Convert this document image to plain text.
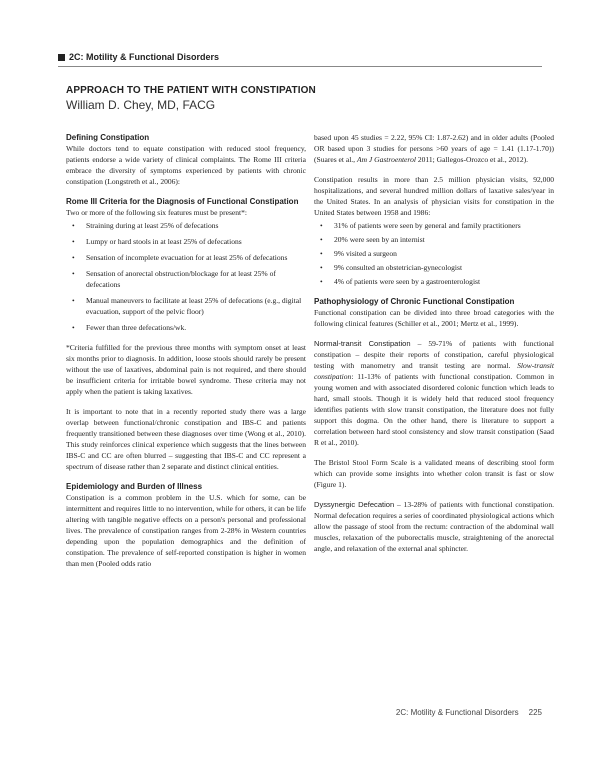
2C: Motility & Functional Disorders
APPROACH TO THE PATIENT WITH CONSTIPATION
William D. Chey, MD, FACG
Defining Constipation

While doctors tend to equate constipation with reduced stool frequency, patients endorse a wide variety of clinical complaints. The Rome III criteria embrace the diversity of symptoms experienced by patients with chronic constipation (Longstreth et al., 2006):

Rome III Criteria for the Diagnosis of Functional Constipation

Two or more of the following six features must be present*:

• Straining during at least 25% of defecations
• Lumpy or hard stools in at least 25% of defecations
• Sensation of incomplete evacuation for at least 25% of defecations
• Sensation of anorectal obstruction/blockage for at least 25% of defecations
• Manual maneuvers to facilitate at least 25% of defecations (e.g., digital evacuation, support of the pelvic floor)
• Fewer than three defecations/wk.

*Criteria fulfilled for the previous three months with symptom onset at least six months prior to diagnosis. In addition, loose stools should rarely be present without the use of laxatives, abdominal pain is not required, and there should be insufficient criteria for irritable bowel syndrome. These criteria may not apply when the patient is taking laxatives.

It is important to note that in a recently reported study there was a large overlap between functional/chronic constipation and IBS-C and patients frequently transitioned between these diagnoses over time (Wong et al., 2010). This study reinforces clinical experience which suggests that the lines between IBS-C and CC are often blurred – suggesting that IBS-C and CC represent a spectrum of disease rather than 2 separate and distinct clinical entities.

Epidemiology and Burden of Illness

Constipation is a common problem in the U.S. which for some, can be intermittent and requires little to no intervention, while for others, it can be life altering with tangible negative effects on a person's personal and professional lives. The prevalence of constipation ranges from 2-28% in Western countries depending upon the population demographics and the definition of constipation. The prevalence of self-reported constipation is higher in women than men (Pooled odds ratio

based upon 45 studies = 2.22, 95% CI: 1.87-2.62) and in older adults (Pooled OR based upon 3 studies for persons >60 years of age = 1.41 (1.17-1.70)) (Suares et al., Am J Gastroenterol 2011; Gallegos-Orozco et al., 2012).

Constipation results in more than 2.5 million physician visits, 92,000 hospitalizations, and several hundred million dollars of laxative sales/year in the United States. In an analysis of physician visits for constipation in the United States between 1958 and 1986:

• 31% of patients were seen by general and family practitioners
• 20% were seen by an internist
• 9% visited a surgeon
• 9% consulted an obstetrician-gynecologist
• 4% of patients were seen by a gastroenterologist
Pathophysiology of Chronic Functional Constipation

Functional constipation can be divided into three broad categories with the following clinical features (Schiller et al., 2001; Mertz et al., 1999).

Normal-transit Constipation – 59-71% of patients with functional constipation – despite their reports of constipation, careful physiological testing with manometry and transit testing are normal. Slow-transit constipation: 11-13% of patients with functional constipation. Common in young women and with associated disordered colonic function which leads to hard, small stools. Though it is widely held that reduced stool frequency identifies patients with slow transit constipation, the literature does not fully support this dogma. On the other hand, there is literature to support a correlation between hard stool consistency and slow transit constipation (Saad R et al., 2010).

The Bristol Stool Form Scale is a validated means of describing stool form which can provide some insights into whether colon transit is fast or slow (Figure 1).

Dyssynergic Defecation – 13-28% of patients with functional constipation. Normal defecation requires a series of coordinated physiological actions which allow the passage of stool from the rectum: contraction of the abdominal wall muscles, relaxation of the puborectalis muscle, straightening of the anorectal angle, and relaxation of the external anal sphincter.

2C: Motility & Functional Disorders 225
